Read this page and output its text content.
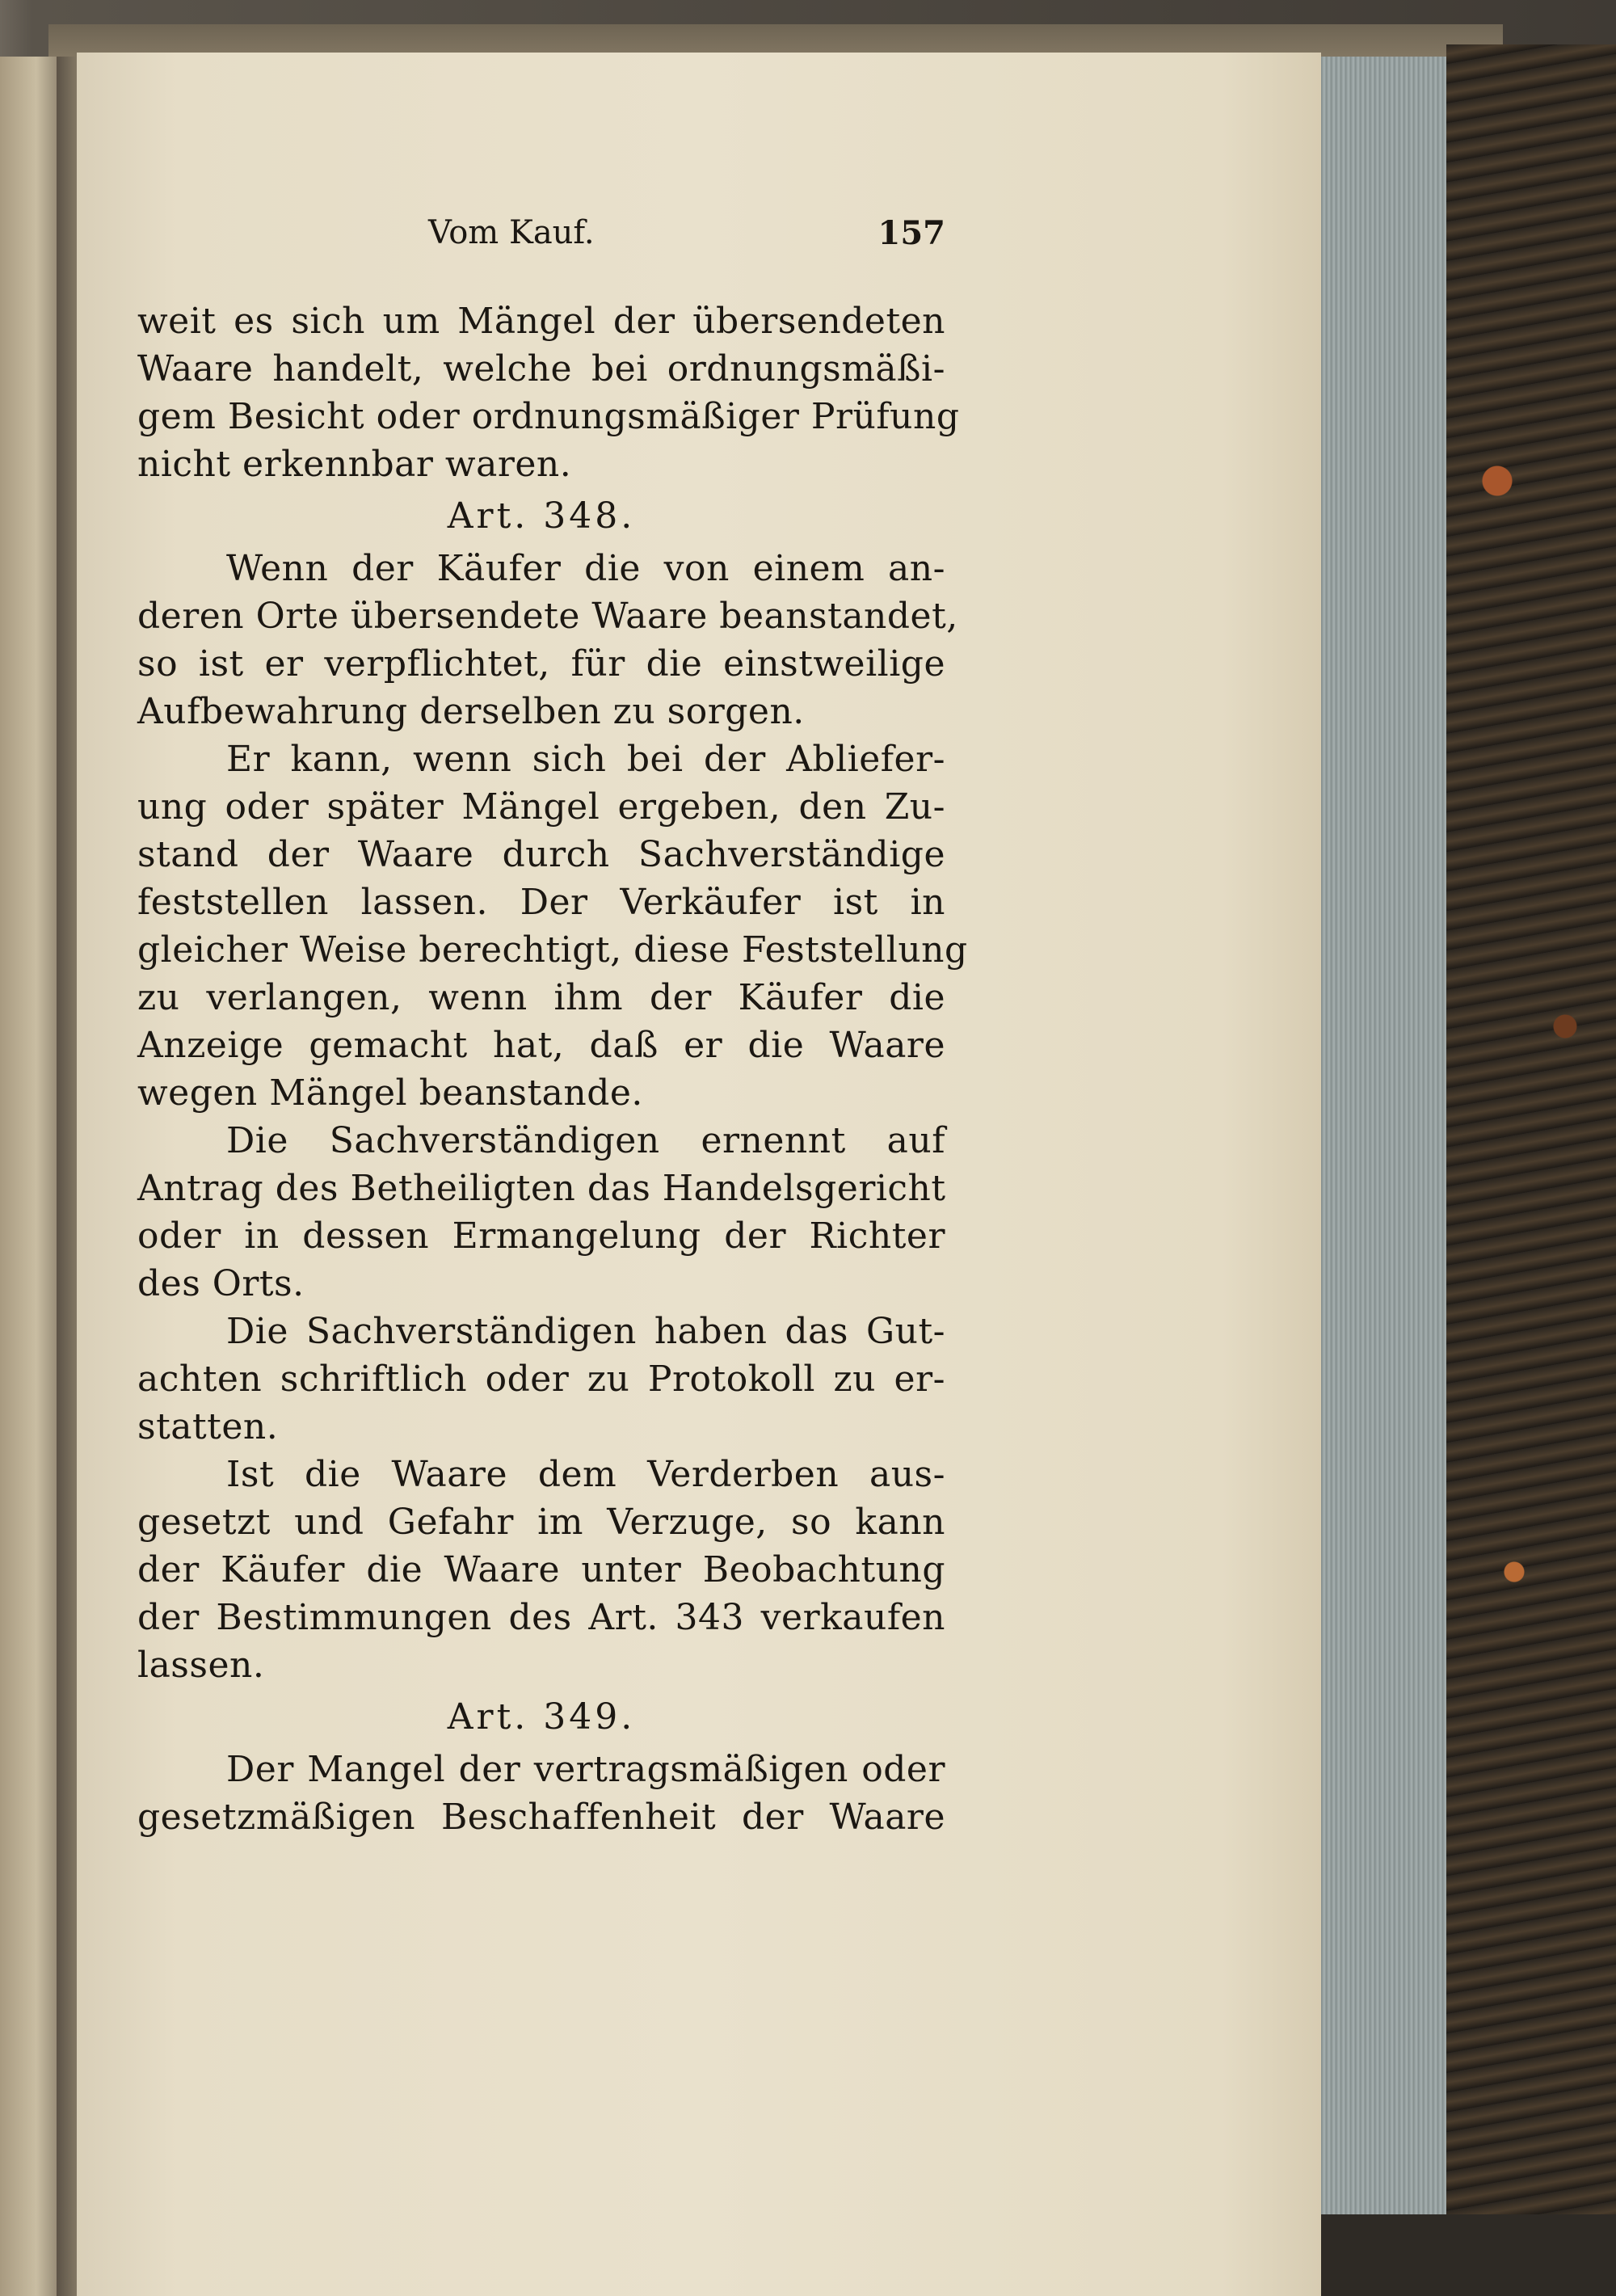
Vom Kauf.	157
weit es sich um Mängel der übersendeten
Waare handelt, welche bei ordnungsmäßi-
gem Besicht oder ordnungsmäßiger Prüfung
nicht erkennbar waren.
Art. 348.
Wenn der Käufer die von einem an-
deren Orte übersendete Waare beanstandet,
so ist er verpflichtet, für die einstweilige
Aufbewahrung derselben zu sorgen.
Er kann, wenn sich bei der Abliefer-
ung oder später Mängel ergeben, den Zu-
stand der Waare durch Sachverständige
feststellen lassen. Der Verkäufer ist in
gleicher Weise berechtigt, diese Feststellung
zu verlangen, wenn ihm der Käufer die
Anzeige gemacht hat, daß er die Waare
wegen Mängel beanstande.
Die Sachverständigen ernennt auf
Antrag des Betheiligten das Handelsgericht
oder in dessen Ermangelung der Richter
des Orts.
Die Sachverständigen haben das Gut-
achten schriftlich oder zu Protokoll zu er-
statten.
Ist die Waare dem Verderben aus-
gesetzt und Gefahr im Verzuge, so kann
der Käufer die Waare unter Beobachtung
der Bestimmungen des Art. 343 verkaufen
lassen.
Art. 349.
Der Mangel der vertragsmäßigen oder
gesetzmäßigen Beschaffenheit der Waare
